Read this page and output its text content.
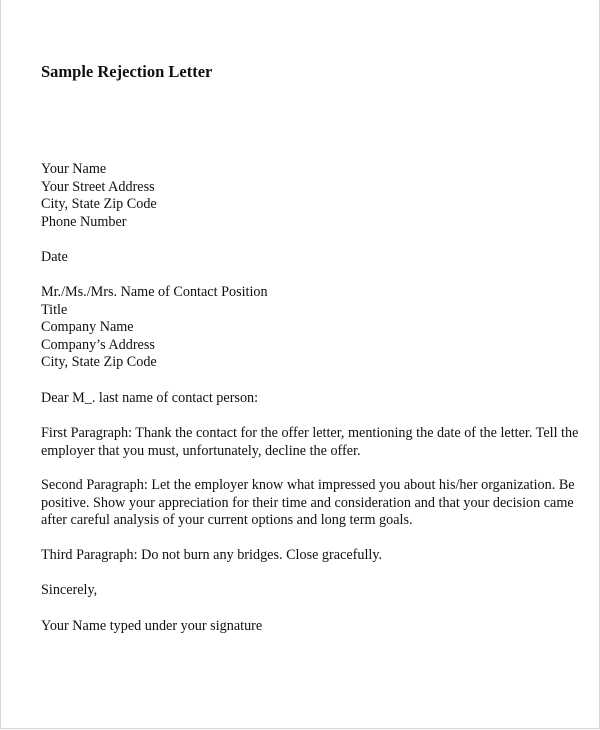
Sample Rejection Letter
Your Name
Your Street Address
City, State Zip Code
Phone Number
Date
Mr./Ms./Mrs. Name of Contact Position
Title
Company Name
Company’s Address
City, State Zip Code
Dear M_. last name of contact person:
First Paragraph: Thank the contact for the offer letter, mentioning the date of the letter. Tell the
employer that you must, unfortunately, decline the offer.
Second Paragraph: Let the employer know what impressed you about his/her organization. Be
positive. Show your appreciation for their time and consideration and that your decision came
after careful analysis of your current options and long term goals.
Third Paragraph: Do not burn any bridges. Close gracefully.
Sincerely,
Your Name typed under your signature
